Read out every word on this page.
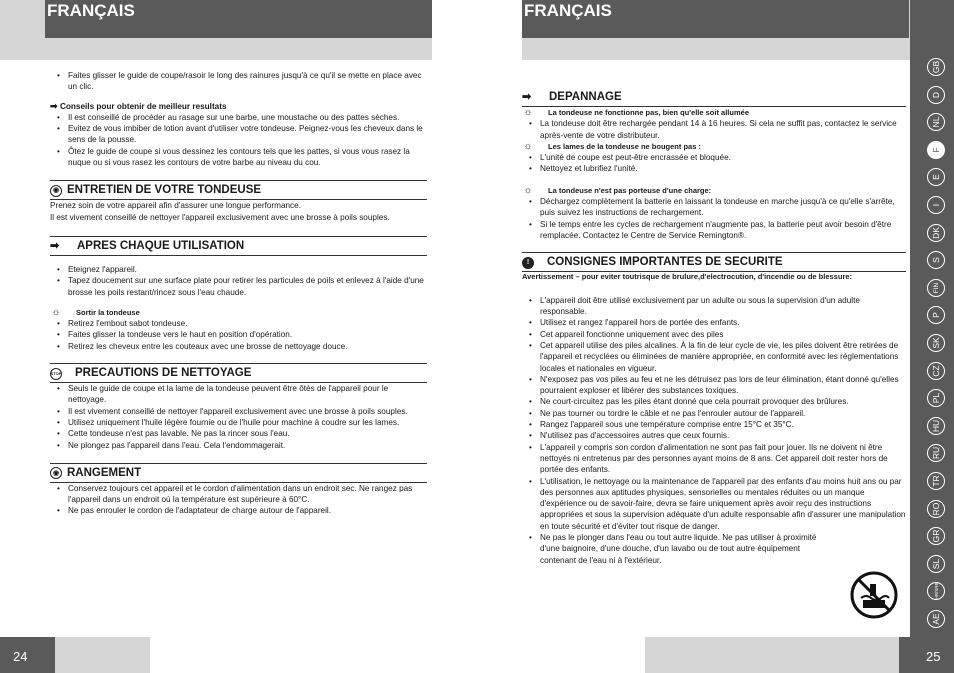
FRANÇAIS	FRANÇAIS
• Faites glisser le guide de coupe/rasoir le long des rainures jusqu'à ce qu'il se mette en place avec un clic.

➡ Conseils pour obtenir de meilleur resultats

• Il est conseillé de procéder au rasage sur une barbe, une moustache ou des pattes sèches.
• Evitez de vous imbiber de lotion avant d'utiliser votre tondeuse. Peignez-vous les cheveux dans le sens de la pousse.
• Ôtez le guide de coupe si vous dessinez les contours tels que les pattes, si vous vous rasez la nuque ou si vous rasez les contours de votre barbe au niveau du cou.
◉ ENTRETIEN DE VOTRE TONDEUSE
Prenez soin de votre appareil afin d'assurer une longue performance.
Il est vivement conseillé de nettoyer l'appareil exclusivement avec une brosse à poils souples.
➡	APRES CHAQUE UTILISATION
• Eteignez l'appareil.
• Tapez doucement sur une surface plate pour retirer les particules de poils et enlevez à l'aide d'une brosse les poils restant/rincez sous l'eau chaude.

☼ Sortir la tondeuse

• Retirez l'embout sabot tondeuse.
• Faites glisser la tondeuse vers le haut en position d'opération.
• Retirez les cheveux entre les couteaux avec une brosse de nettoyage douce.
STOP PRECAUTIONS DE NETTOYAGE
• Seuls le guide de coupe et la lame de la tondeuse peuvent être ôtés de l'appareil pour le nettoyage.
• Il est vivement conseillé de nettoyer l'appareil exclusivement avec une brosse à poils souples.
• Utilisez uniquement l'huile légère fournie ou de l'huile pour machine à coudre sur les lames.
• Cette tondeuse n'est pas lavable. Ne pas la rincer sous l'eau.
• Ne plongez pas l'appareil dans l'eau. Cela l'endommagerait.
◉ RANGEMENT
• Conservez toujours cet appareil et le cordon d'alimentation dans un endroit sec. Ne rangez pas l'appareil dans un endroit où la température est supérieure à 60°C.
• Ne pas enrouler le cordon de l'adaptateur de charge autour de l'appareil.
➡	DEPANNAGE

☼ La tondeuse ne fonctionne pas, bien qu'elle soit allumée

• La tondeuse doit être rechargée pendant 14 à 16 heures. Si cela ne suffit pas, contactez le service après-vente de votre distributeur.

☼ Les lames de la tondeuse ne bougent pas :

• L'unité de coupe est peut-être encrassée et bloquée.
• Nettoyez et lubrifiez l'unité.

☼ La tondeuse n'est pas porteuse d'une charge:

• Déchargez complètement la batterie en laissant la tondeuse en marche jusqu'à ce qu'elle s'arrête, puis suivez les instructions de rechargement.
• Si le temps entre les cycles de rechargement n'augmente pas, la batterie peut avoir besoin d'être remplacée. Contactez le Centre de Service Remington®.
!	CONSIGNES IMPORTANTES DE SECURITE

Avertissement – pour eviter toutrisque de brulure,d'electrocution, d'incendie ou de blessure:

• L'appareil doit être utilisé exclusivement par un adulte ou sous la supervision d'un adulte responsable.
• Utilisez et rangez l'appareil hors de portée des enfants.
• Cet appareil fonctionne uniquement avec des piles
• Cet appareil utilise des piles alcalines. À la fin de leur cycle de vie, les piles doivent être retirées de l'appareil et recyclées ou éliminées de manière appropriée, en conformité avec les réglementations locales et nationales en vigueur.
• N'exposez pas vos piles au feu et ne les détruisez pas lors de leur élimination, étant donné qu'elles pourraient exploser et libérer des substances toxiques.
• Ne court-circuitez pas les piles étant donné que cela pourrait provoquer des brûlures.
• Ne pas tourner ou tordre le câble et ne pas l'enrouler autour de l'appareil.
• Rangez l'appareil sous une température comprise entre 15°C et 35°C.
• N'utilisez pas d'accessoires autres que ceux fournis.
• L'appareil y compris son cordon d'alimentation ne sont pas fait pour jouer. Ils ne doivent ni être nettoyés ni entretenus par des personnes ayant moins de 8 ans. Cet appareil doit rester hors de portée des enfants.
• L'utilisation, le nettoyage ou la maintenance de l'appareil par des enfants d'au moins huit ans ou par des personnes aux aptitudes physiques, sensorielles ou mentales réduites ou un manque d'expérience ou de savoir-faire, devra se faire uniquement après avoir reçu des instructions appropriées et sous la supervision adéquate d'un adulte responsable afin d'assurer une manipulation en toute sécurité et d'éviter tout risque de danger.
• Ne pas le plonger dans l'eau ou tout autre liquide. Ne pas utiliser à proximité d'une baignoire, d'une douche, d'un lavabo ou de tout autre équipement contenant de l'eau ni à l'extérieur.
GB
D
NL
F
E
I
DK
S
FIN
P
SK
CZ
PL
HU
RU
TR
RO
GR
SL
HR/SRB
AE
24	25
